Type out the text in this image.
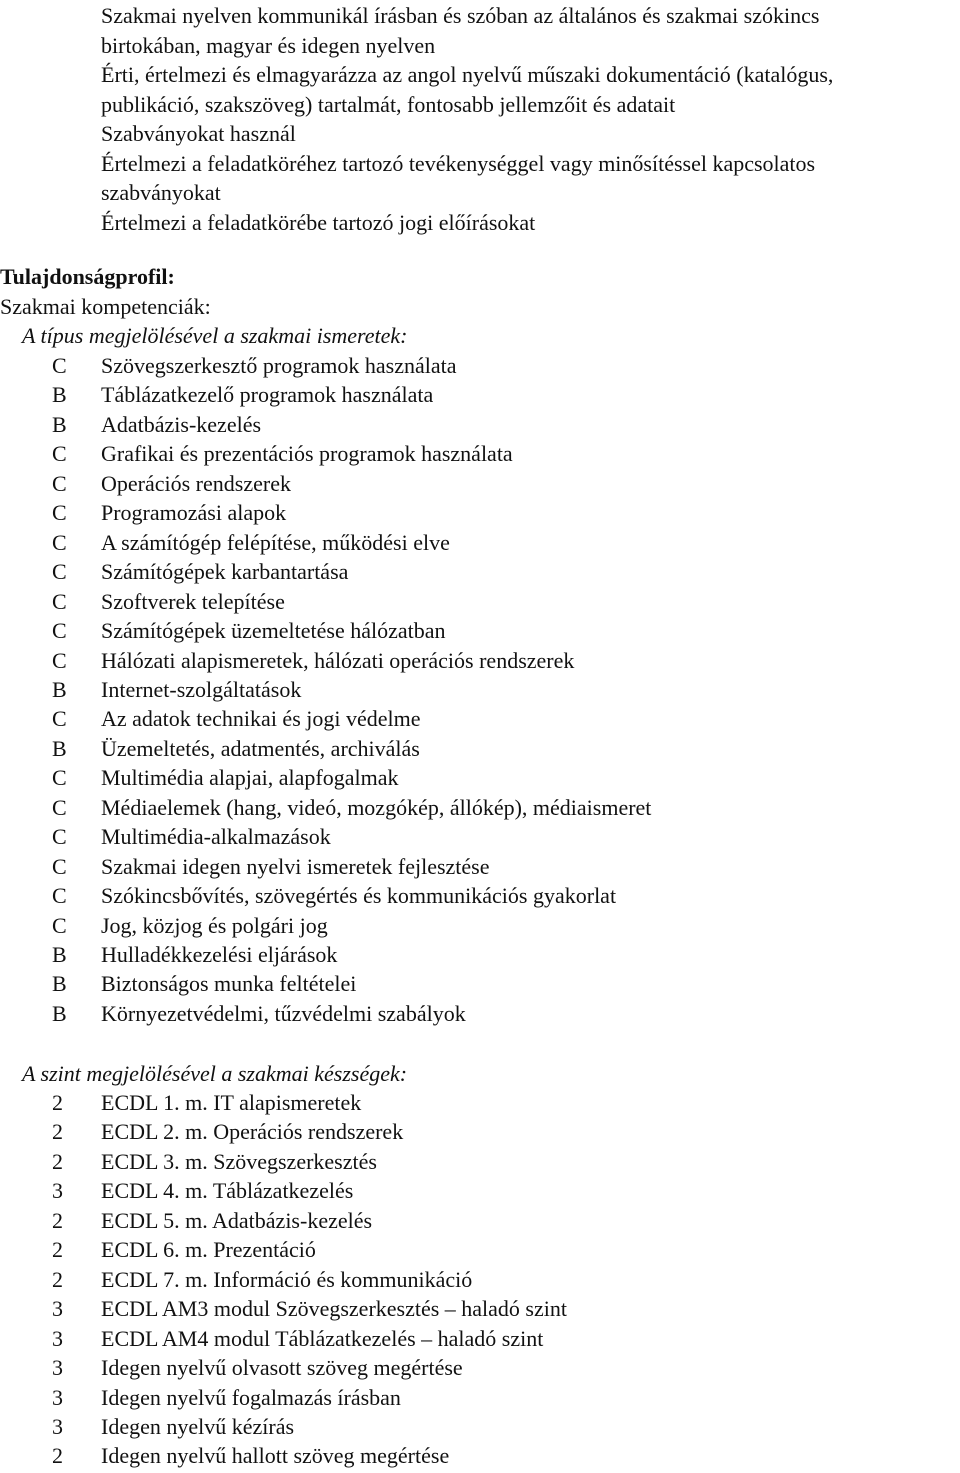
Szakmai nyelven kommunikál írásban és szóban az általános és szakmai szókincs
birtokában, magyar és idegen nyelven
Érti, értelmezi és elmagyarázza az angol nyelvű műszaki dokumentáció (katalógus,
publikáció, szakszöveg) tartalmát, fontosabb jellemzőit és adatait
Szabványokat használ
Értelmezi a feladatköréhez tartozó tevékenységgel vagy minősítéssel kapcsolatos
szabványokat
Értelmezi a feladatkörébe tartozó jogi előírásokat
Tulajdonságprofil:
Szakmai kompetenciák:
A típus megjelölésével a szakmai ismeretek:
C Szövegszerkesztő programok használata
B Táblázatkezelő programok használata
B Adatbázis-kezelés
C Grafikai és prezentációs programok használata
C Operációs rendszerek
C Programozási alapok
C A számítógép felépítése, működési elve
C Számítógépek karbantartása
C Szoftverek telepítése
C Számítógépek üzemeltetése hálózatban
C Hálózati alapismeretek, hálózati operációs rendszerek
B Internet-szolgáltatások
C Az adatok technikai és jogi védelme
B Üzemeltetés, adatmentés, archiválás
C Multimédia alapjai, alapfogalmak
C Médiaelemek (hang, videó, mozgókép, állókép), médiaismeret
C Multimédia-alkalmazások
C Szakmai idegen nyelvi ismeretek fejlesztése
C Szókincsbővítés, szövegértés és kommunikációs gyakorlat
C Jog, közjog és polgári jog
B Hulladékkezelési eljárások
B Biztonságos munka feltételei
B Környezetvédelmi, tűzvédelmi szabályok
A szint megjelölésével a szakmai készségek:
2 ECDL 1. m. IT alapismeretek
2 ECDL 2. m. Operációs rendszerek
2 ECDL 3. m. Szövegszerkesztés
3 ECDL 4. m. Táblázatkezelés
2 ECDL 5. m. Adatbázis-kezelés
2 ECDL 6. m. Prezentáció
2 ECDL 7. m. Információ és kommunikáció
3 ECDL AM3 modul Szövegszerkesztés – haladó szint
3 ECDL AM4 modul Táblázatkezelés – haladó szint
3 Idegen nyelvű olvasott szöveg megértése
3 Idegen nyelvű fogalmazás írásban
3 Idegen nyelvű kézírás
2 Idegen nyelvű hallott szöveg megértése
